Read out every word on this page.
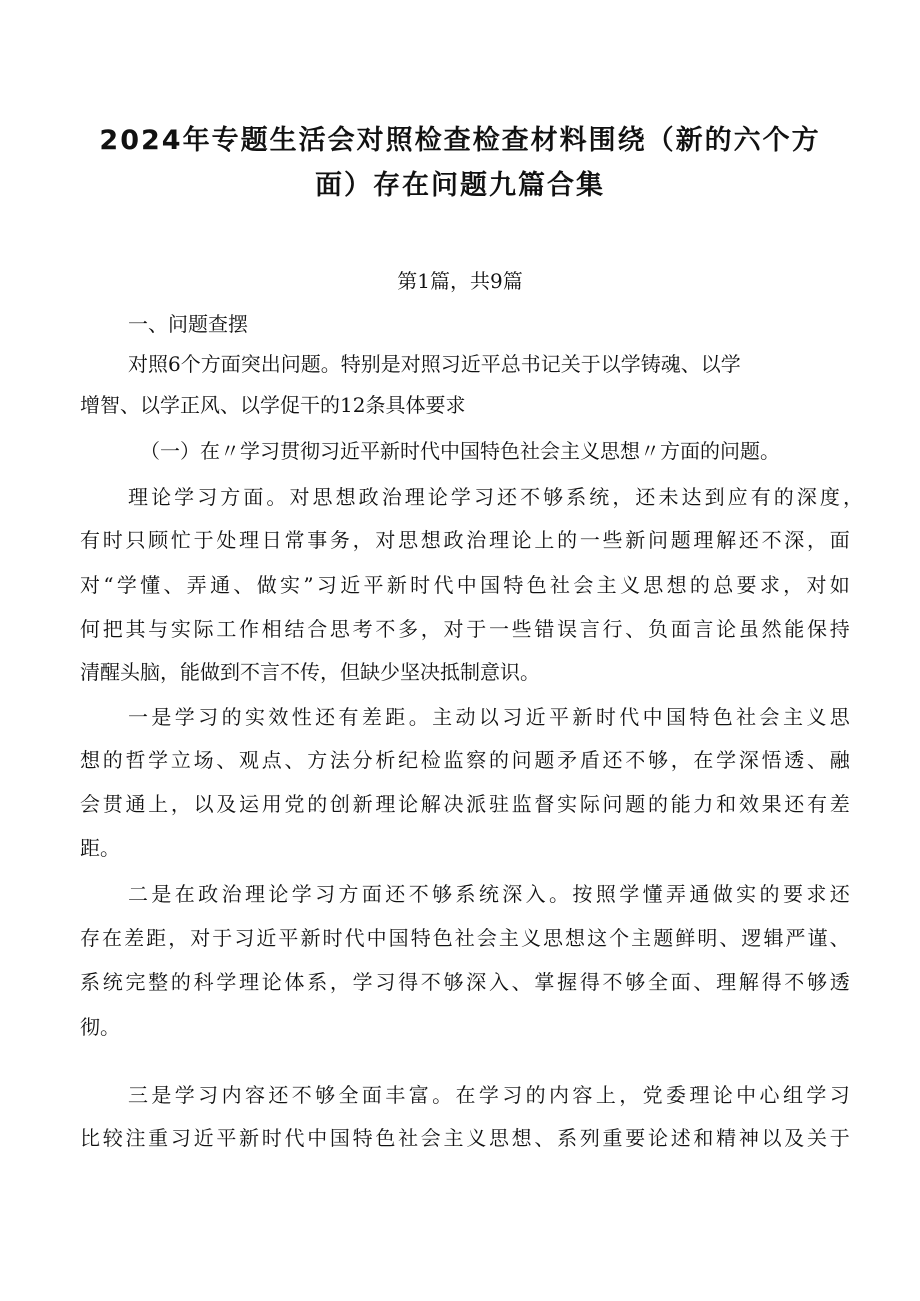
2024年专题生活会对照检查检查材料围绕（新的六个方
面）存在问题九篇合集
第1篇，共9篇
一、问题查摆
对照6个方面突出问题。特别是对照习近平总书记关于以学铸魂、以学
增智、以学正风、以学促干的12条具体要求
（一）在〃学习贯彻习近平新时代中国特色社会主义思想〃方面的问题。
理 论 学 习 方 面 。 对 思 想 政 治 理 论 学 习 还 不 够 系 统 ， 还 未 达 到 应 有 的 深 度 ，
有 时 只 顾 忙 于 处 理 日 常 事 务 ， 对 思 想 政 治 理 论 上 的 一 些 新 问 题 理 解 还 不 深 ， 面
对 “ 学 懂 、 弄 通 、 做 实 ” 习 近 平 新 时 代 中 国 特 色 社 会 主 义 思 想 的 总 要 求 ， 对 如
何 把 其 与 实 际 工 作 相 结 合 思 考 不 多 ， 对 于 一 些 错 误 言 行 、 负 面 言 论 虽 然 能 保 持
清醒头脑，能做到不言不传，但缺少坚决抵制意识。
一 是 学 习 的 实 效 性 还 有 差 距 。 主 动 以 习 近 平 新 时 代 中 国 特 色 社 会 主 义 思
想 的 哲 学 立 场 、 观 点 、 方 法 分 析 纪 检 监 察 的 问 题 矛 盾 还 不 够 ， 在 学 深 悟 透 、 融
会 贯 通 上 ， 以 及 运 用 党 的 创 新 理 论 解 决 派 驻 监 督 实 际 问 题 的 能 力 和 效 果 还 有 差
距。
二 是 在 政 治 理 论 学 习 方 面 还 不 够 系 统 深 入 。 按 照 学 懂 弄 通 做 实 的 要 求 还
存 在 差 距 ， 对 于 习 近 平 新 时 代 中 国 特 色 社 会 主 义 思 想 这 个 主 题 鲜 明 、 逻 辑 严 谨 、
系 统 完 整 的 科 学 理 论 体 系 ， 学 习 得 不 够 深 入 、 掌 握 得 不 够 全 面 、 理 解 得 不 够 透
彻。
三 是 学 习 内 容 还 不 够 全 面 丰 富 。 在 学 习 的 内 容 上 ， 党 委 理 论 中 心 组 学 习
比 较 注 重 习 近 平 新 时 代 中 国 特 色 社 会 主 义 思 想 、 系 列 重 要 论 述 和 精 神 以 及 关 于
